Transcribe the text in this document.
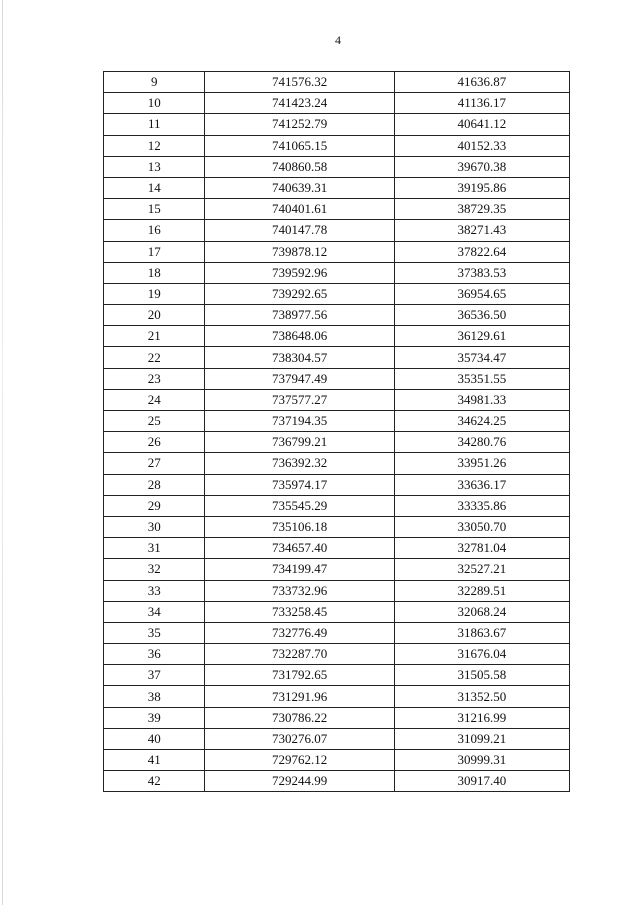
4
9	741576.32	41636.87
10	741423.24	41136.17
11	741252.79	40641.12
12	741065.15	40152.33
13	740860.58	39670.38
14	740639.31	39195.86
15	740401.61	38729.35
16	740147.78	38271.43
17	739878.12	37822.64
18	739592.96	37383.53
19	739292.65	36954.65
20	738977.56	36536.50
21	738648.06	36129.61
22	738304.57	35734.47
23	737947.49	35351.55
24	737577.27	34981.33
25	737194.35	34624.25
26	736799.21	34280.76
27	736392.32	33951.26
28	735974.17	33636.17
29	735545.29	33335.86
30	735106.18	33050.70
31	734657.40	32781.04
32	734199.47	32527.21
33	733732.96	32289.51
34	733258.45	32068.24
35	732776.49	31863.67
36	732287.70	31676.04
37	731792.65	31505.58
38	731291.96	31352.50
39	730786.22	31216.99
40	730276.07	31099.21
41	729762.12	30999.31
42	729244.99	30917.40
